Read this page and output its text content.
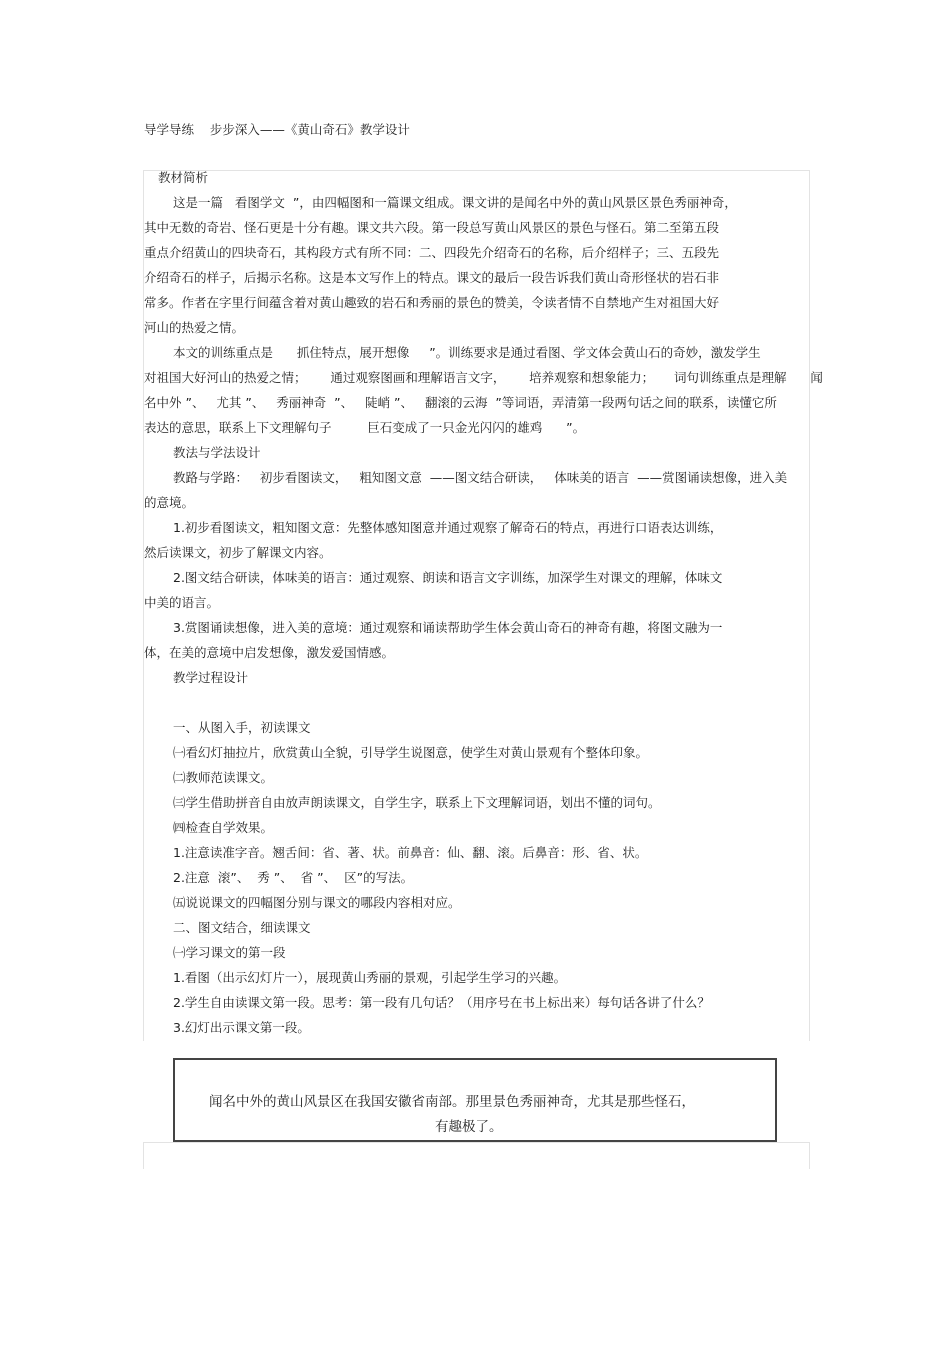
导学导练    步步深入——《黄山奇石》教学设计
教材简析
这是一篇   看图学文  ”，由四幅图和一篇课文组成。课文讲的是闻名中外的黄山风景区景色秀丽神奇，
其中无数的奇岩、怪石更是十分有趣。课文共六段。第一段总写黄山风景区的景色与怪石。第二至第五段
重点介绍黄山的四块奇石，其构段方式有所不同：二、四段先介绍奇石的名称，后介绍样子；三、五段先
介绍奇石的样子，后揭示名称。这是本文写作上的特点。课文的最后一段告诉我们黄山奇形怪状的岩石非
常多。作者在字里行间蕴含着对黄山趣致的岩石和秀丽的景色的赞美，令读者情不自禁地产生对祖国大好
河山的热爱之情。
本文的训练重点是      抓住特点，展开想像     ”。训练要求是通过看图、学文体会黄山石的奇妙，激发学生
对祖国大好河山的热爱之情；      通过观察图画和理解语言文字，      培养观察和想象能力；     词句训练重点是理解      闻
名中外 ”、   尤其 ”、   秀丽神奇  ”、   陡峭 ”、   翻滚的云海  ”等词语，弄清第一段两句话之间的联系，读懂它所
表达的意思，联系上下文理解句子         巨石变成了一只金光闪闪的雄鸡      ”。
教法与学法设计
教路与学路：   初步看图读文，   粗知图文意  ——图文结合研读，   体味美的语言  ——赏图诵读想像，进入美
的意境。
1.初步看图读文，粗知图文意：先整体感知图意并通过观察了解奇石的特点，再进行口语表达训练，
然后读课文，初步了解课文内容。
2.图文结合研读，体味美的语言：通过观察、朗读和语言文字训练，加深学生对课文的理解，体味文
中美的语言。
3.赏图诵读想像，进入美的意境：通过观察和诵读帮助学生体会黄山奇石的神奇有趣，将图文融为一
体，在美的意境中启发想像，激发爱国情感。
教学过程设计
一、从图入手，初读课文
㈠看幻灯抽拉片，欣赏黄山全貌，引导学生说图意，使学生对黄山景观有个整体印象。
㈡教师范读课文。
㈢学生借助拼音自由放声朗读课文，自学生字，联系上下文理解词语，划出不懂的词句。
㈣检查自学效果。
1.注意读准字音。翘舌间：省、著、状。前鼻音：仙、翻、滚。后鼻音：形、省、状。
2.注意  滚”、  秀 ”、  省 ”、  区”的写法。
㈤说说课文的四幅图分别与课文的哪段内容相对应。
二、图文结合，细读课文
㈠学习课文的第一段
1.看图（出示幻灯片一），展现黄山秀丽的景观，引起学生学习的兴趣。
2.学生自由读课文第一段。思考：第一段有几句话？（用序号在书上标出来）每句话各讲了什么？
3.幻灯出示课文第一段。
闻名中外的黄山风景区在我国安徽省南部。那里景色秀丽神奇，尤其是那些怪石，
有趣极了。
